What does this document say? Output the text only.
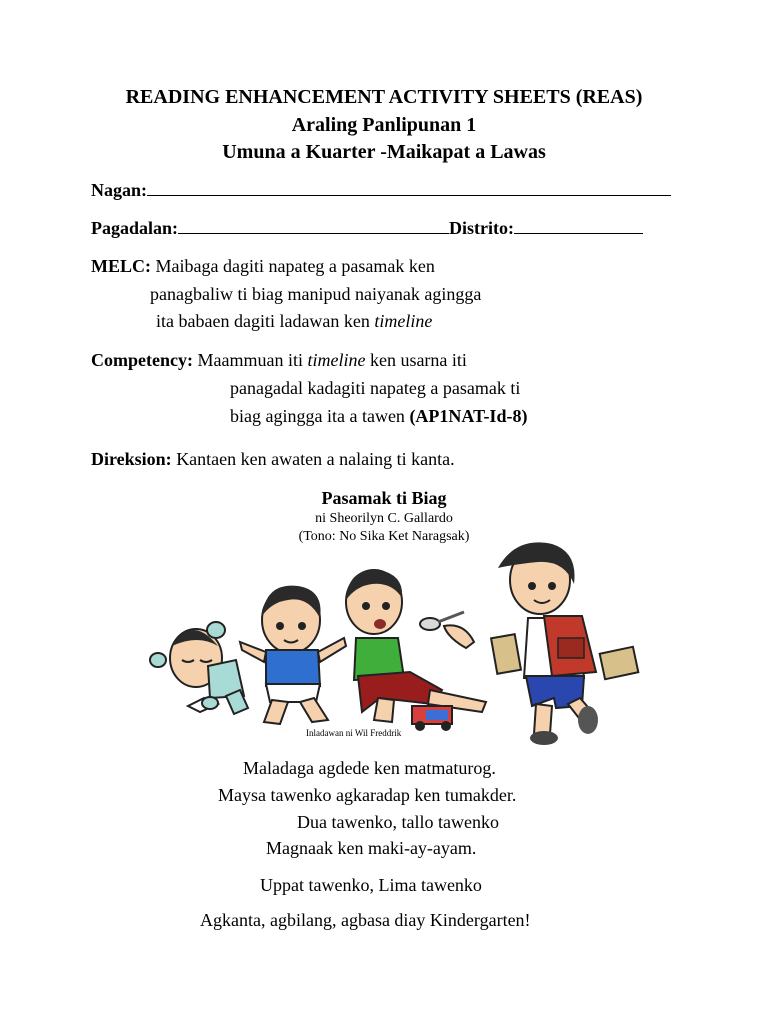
READING ENHANCEMENT ACTIVITY SHEETS (REAS)
Araling Panlipunan 1
Umuna a Kuarter -Maikapat a Lawas
Nagan:
Pagadalan:	Distrito:
MELC: Maibaga dagiti napateg a pasamak ken
panagbaliw ti biag manipud naiyanak agingga
ita babaen dagiti ladawan ken timeline
Competency: Maammuan iti timeline ken usarna iti
panagadal kadagiti napateg a pasamak ti
biag agingga ita a tawen (AP1NAT-Id-8)
Direksion: Kantaen ken awaten a nalaing ti kanta.
Pasamak ti Biag
ni Sheorilyn C. Gallardo
(Tono: No Sika Ket Naragsak)
Inladawan ni Wil Freddrik
Maladaga agdede ken matmaturog.
Maysa tawenko agkaradap ken tumakder.
Dua tawenko, tallo tawenko
Magnaak ken maki-ay-ayam.
Uppat tawenko, Lima tawenko
Agkanta, agbilang, agbasa diay Kindergarten!
